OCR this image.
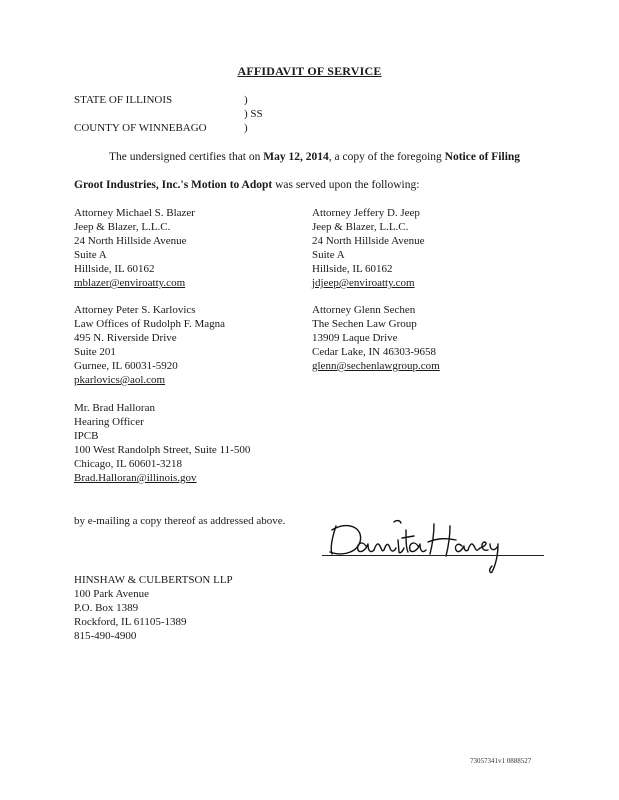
AFFIDAVIT OF SERVICE
STATE OF ILLINOIS
COUNTY OF WINNEBAGO
)
) SS
)
The undersigned certifies that on May 12, 2014, a copy of the foregoing Notice of Filing
Groot Industries, Inc.'s Motion to Adopt was served upon the following:
Attorney Michael S. Blazer
Jeep & Blazer, L.L.C.
24 North Hillside Avenue
Suite A
Hillside, IL 60162
mblazer@enviroatty.com
Attorney Jeffery D. Jeep
Jeep & Blazer, L.L.C.
24 North Hillside Avenue
Suite A
Hillside, IL 60162
jdjeep@enviroatty.com
Attorney Peter S. Karlovics
Law Offices of Rudolph F. Magna
495 N. Riverside Drive
Suite 201
Gurnee, IL 60031-5920
pkarlovics@aol.com
Attorney Glenn Sechen
The Sechen Law Group
13909 Laque Drive
Cedar Lake, IN 46303-9658
glenn@sechenlawgroup.com
Mr. Brad Halloran
Hearing Officer
IPCB
100 West Randolph Street, Suite 11-500
Chicago, IL 60601-3218
Brad.Halloran@illinois.gov
by e-mailing a copy thereof as addressed above.
HINSHAW & CULBERTSON LLP
100 Park Avenue
P.O. Box 1389
Rockford, IL 61105-1389
815-490-4900
73057341v1 0888527
